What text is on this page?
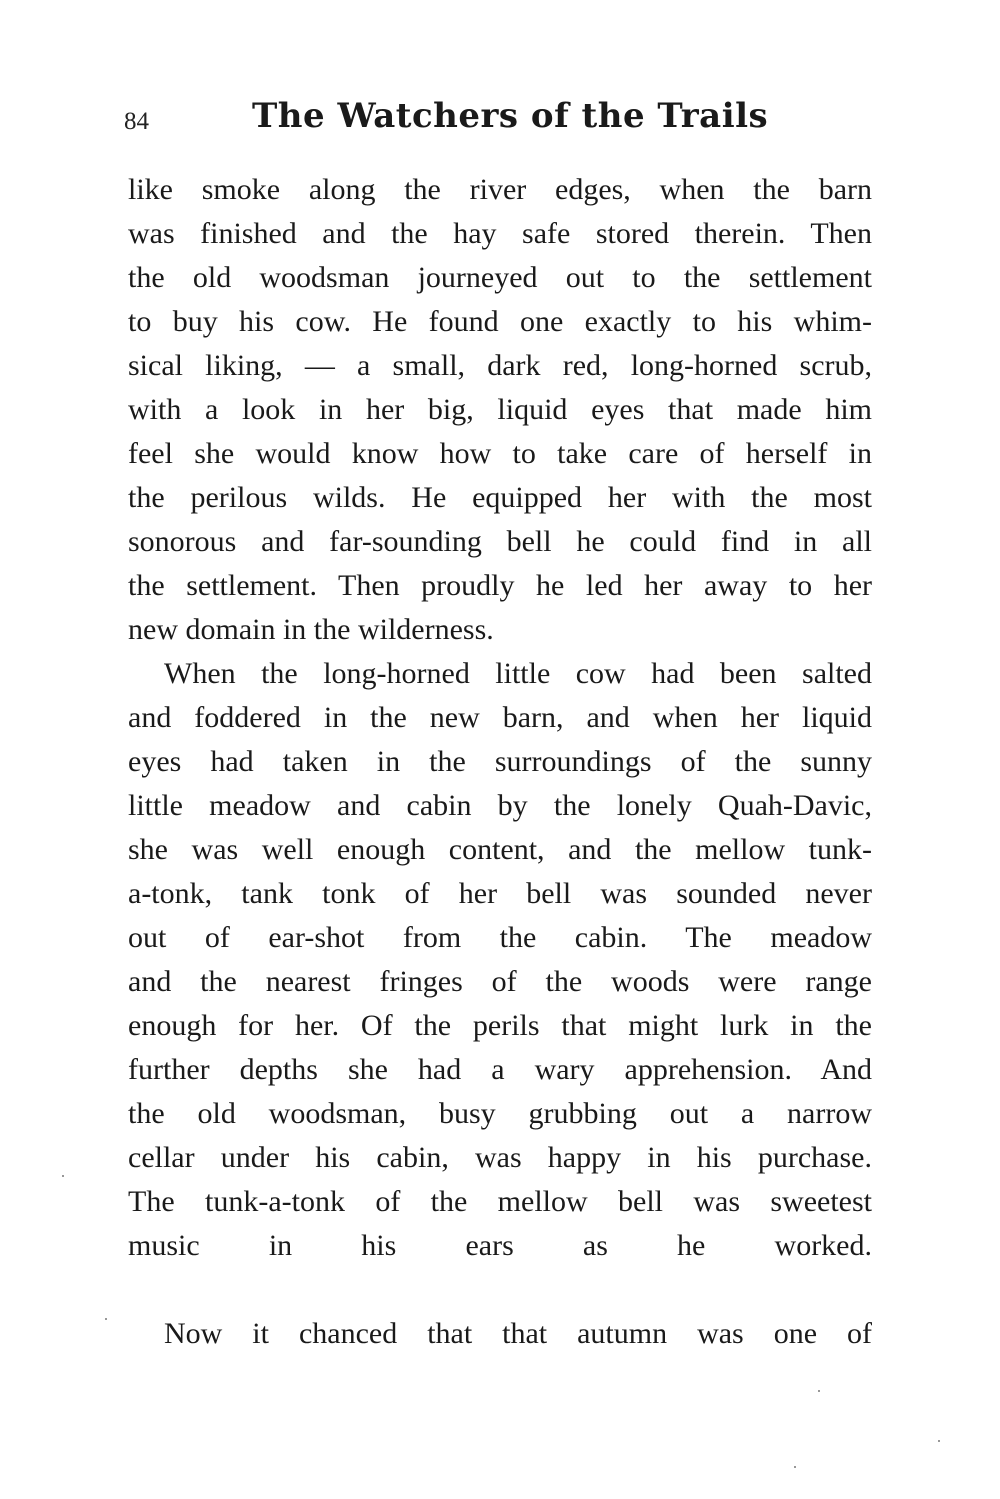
84	The Watchers of the Trails
like smoke along the river edges, when the barn
was finished and the hay safe stored therein. Then
the old woodsman journeyed out to the settlement
to buy his cow. He found one exactly to his whim-
sical liking, — a small, dark red, long-horned scrub,
with a look in her big, liquid eyes that made him
feel she would know how to take care of herself in
the perilous wilds. He equipped her with the most
sonorous and far-sounding bell he could find in all
the settlement. Then proudly he led her away to her
new domain in the wilderness.
When the long-horned little cow had been salted
and foddered in the new barn, and when her liquid
eyes had taken in the surroundings of the sunny
little meadow and cabin by the lonely Quah-Davic,
she was well enough content, and the mellow tunk-
a-tonk, tank tonk of her bell was sounded never
out of ear-shot from the cabin. The meadow
and the nearest fringes of the woods were range
enough for her. Of the perils that might lurk in the
further depths she had a wary apprehension. And
the old woodsman, busy grubbing out a narrow
cellar under his cabin, was happy in his purchase.
The tunk-a-tonk of the mellow bell was sweetest
music in his ears as he worked.
Now it chanced that that autumn was one of
